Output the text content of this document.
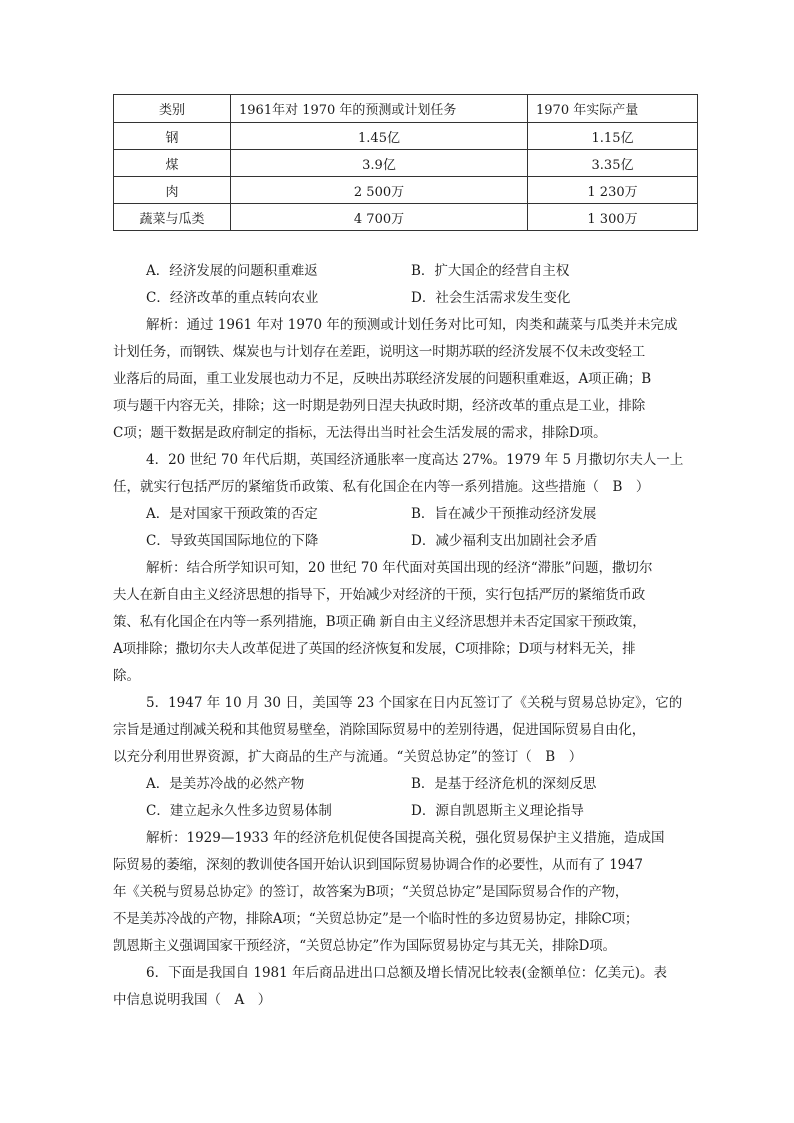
类别	1961年对 1970 年的预测或计划任务	1970 年实际产量
钢	1.45亿	1.15亿
煤	3.9亿	3.35亿
肉	2 500万	1 230万
蔬菜与瓜类	4 700万	1 300万
A．经济发展的问题积重难返	B．扩大国企的经营自主权
C．经济改革的重点转向农业	D．社会生活需求发生变化
解析：通过 1961 年对 1970 年的预测或计划任务对比可知，肉类和蔬菜与瓜类并未完成
计划任务，而钢铁、煤炭也与计划存在差距，说明这一时期苏联的经济发展不仅未改变轻工
业落后的局面，重工业发展也动力不足，反映出苏联经济发展的问题积重难返，A项正确；B
项与题干内容无关，排除；这一时期是勃列日涅夫执政时期，经济改革的重点是工业，排除
C项；题干数据是政府制定的指标，无法得出当时社会生活发展的需求，排除D项。
4．20 世纪 70 年代后期，英国经济通胀率一度高达 27%。1979 年 5 月撒切尔夫人一上
任，就实行包括严厉的紧缩货币政策、私有化国企在内等一系列措施。这些措施（　B　）
A．是对国家干预政策的否定	B．旨在减少干预推动经济发展
C．导致英国国际地位的下降	D．减少福利支出加剧社会矛盾
解析：结合所学知识可知，20 世纪 70 年代面对英国出现的经济“滞胀”问题，撒切尔
夫人在新自由主义经济思想的指导下，开始减少对经济的干预，实行包括严厉的紧缩货币政
策、私有化国企在内等一系列措施，B项正确 新自由主义经济思想并未否定国家干预政策，
A项排除；撒切尔夫人改革促进了英国的经济恢复和发展，C项排除；D项与材料无关，排
除。
5．1947 年 10 月 30 日，美国等 23 个国家在日内瓦签订了《关税与贸易总协定》，它的
宗旨是通过削减关税和其他贸易壁垒，消除国际贸易中的差别待遇，促进国际贸易自由化，
以充分利用世界资源，扩大商品的生产与流通。“关贸总协定”的签订（　B　）
A．是美苏冷战的必然产物	B．是基于经济危机的深刻反思
C．建立起永久性多边贸易体制	D．源自凯恩斯主义理论指导
解析：1929—1933 年的经济危机促使各国提高关税，强化贸易保护主义措施，造成国
际贸易的萎缩，深刻的教训使各国开始认识到国际贸易协调合作的必要性，从而有了 1947
年《关税与贸易总协定》的签订，故答案为B项；“关贸总协定”是国际贸易合作的产物，
不是美苏冷战的产物，排除A项；“关贸总协定”是一个临时性的多边贸易协定，排除C项；
凯恩斯主义强调国家干预经济，“关贸总协定”作为国际贸易协定与其无关，排除D项。
6．下面是我国自 1981 年后商品进出口总额及增长情况比较表(金额单位：亿美元)。表
中信息说明我国（　A　）
